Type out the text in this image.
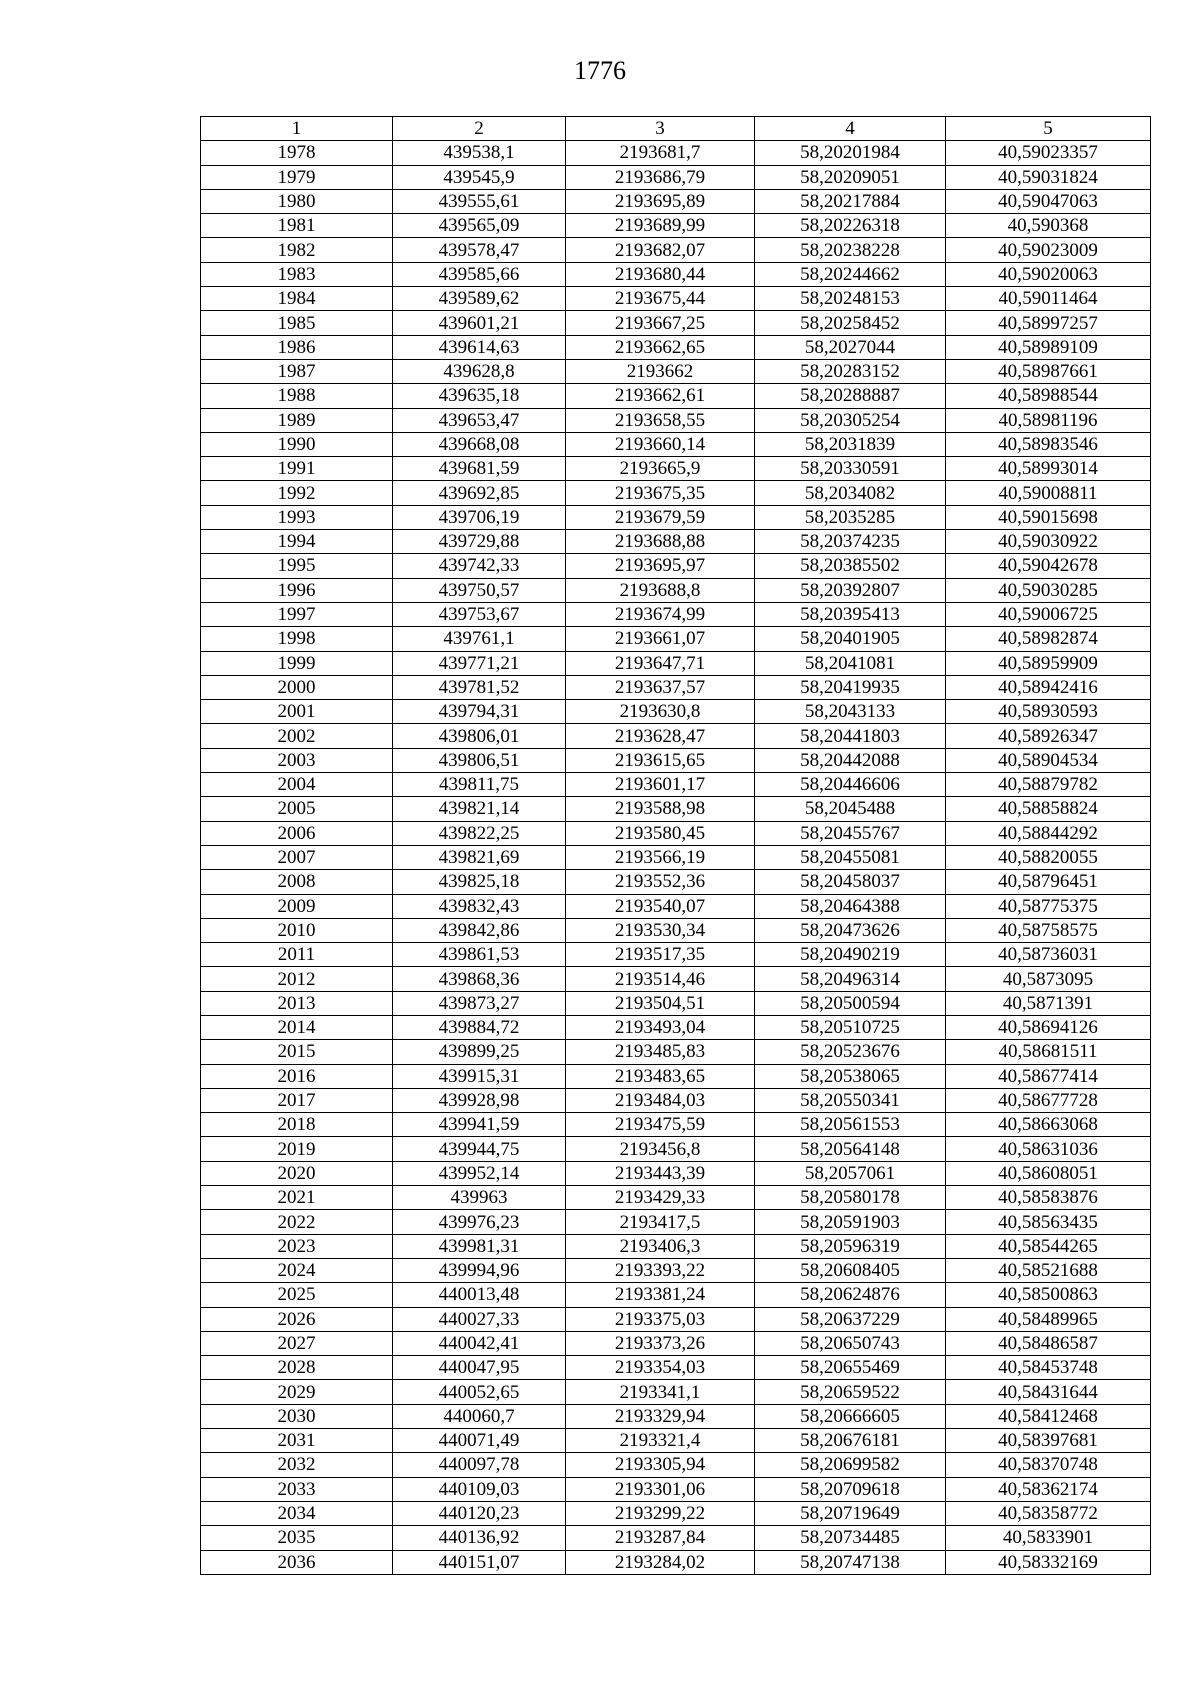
1776
1	2	3	4	5
1978	439538,1	2193681,7	58,20201984	40,59023357
1979	439545,9	2193686,79	58,20209051	40,59031824
1980	439555,61	2193695,89	58,20217884	40,59047063
1981	439565,09	2193689,99	58,20226318	40,590368
1982	439578,47	2193682,07	58,20238228	40,59023009
1983	439585,66	2193680,44	58,20244662	40,59020063
1984	439589,62	2193675,44	58,20248153	40,59011464
1985	439601,21	2193667,25	58,20258452	40,58997257
1986	439614,63	2193662,65	58,2027044	40,58989109
1987	439628,8	2193662	58,20283152	40,58987661
1988	439635,18	2193662,61	58,20288887	40,58988544
1989	439653,47	2193658,55	58,20305254	40,58981196
1990	439668,08	2193660,14	58,2031839	40,58983546
1991	439681,59	2193665,9	58,20330591	40,58993014
1992	439692,85	2193675,35	58,2034082	40,59008811
1993	439706,19	2193679,59	58,2035285	40,59015698
1994	439729,88	2193688,88	58,20374235	40,59030922
1995	439742,33	2193695,97	58,20385502	40,59042678
1996	439750,57	2193688,8	58,20392807	40,59030285
1997	439753,67	2193674,99	58,20395413	40,59006725
1998	439761,1	2193661,07	58,20401905	40,58982874
1999	439771,21	2193647,71	58,2041081	40,58959909
2000	439781,52	2193637,57	58,20419935	40,58942416
2001	439794,31	2193630,8	58,2043133	40,58930593
2002	439806,01	2193628,47	58,20441803	40,58926347
2003	439806,51	2193615,65	58,20442088	40,58904534
2004	439811,75	2193601,17	58,20446606	40,58879782
2005	439821,14	2193588,98	58,2045488	40,58858824
2006	439822,25	2193580,45	58,20455767	40,58844292
2007	439821,69	2193566,19	58,20455081	40,58820055
2008	439825,18	2193552,36	58,20458037	40,58796451
2009	439832,43	2193540,07	58,20464388	40,58775375
2010	439842,86	2193530,34	58,20473626	40,58758575
2011	439861,53	2193517,35	58,20490219	40,58736031
2012	439868,36	2193514,46	58,20496314	40,5873095
2013	439873,27	2193504,51	58,20500594	40,5871391
2014	439884,72	2193493,04	58,20510725	40,58694126
2015	439899,25	2193485,83	58,20523676	40,58681511
2016	439915,31	2193483,65	58,20538065	40,58677414
2017	439928,98	2193484,03	58,20550341	40,58677728
2018	439941,59	2193475,59	58,20561553	40,58663068
2019	439944,75	2193456,8	58,20564148	40,58631036
2020	439952,14	2193443,39	58,2057061	40,58608051
2021	439963	2193429,33	58,20580178	40,58583876
2022	439976,23	2193417,5	58,20591903	40,58563435
2023	439981,31	2193406,3	58,20596319	40,58544265
2024	439994,96	2193393,22	58,20608405	40,58521688
2025	440013,48	2193381,24	58,20624876	40,58500863
2026	440027,33	2193375,03	58,20637229	40,58489965
2027	440042,41	2193373,26	58,20650743	40,58486587
2028	440047,95	2193354,03	58,20655469	40,58453748
2029	440052,65	2193341,1	58,20659522	40,58431644
2030	440060,7	2193329,94	58,20666605	40,58412468
2031	440071,49	2193321,4	58,20676181	40,58397681
2032	440097,78	2193305,94	58,20699582	40,58370748
2033	440109,03	2193301,06	58,20709618	40,58362174
2034	440120,23	2193299,22	58,20719649	40,58358772
2035	440136,92	2193287,84	58,20734485	40,5833901
2036	440151,07	2193284,02	58,20747138	40,58332169
